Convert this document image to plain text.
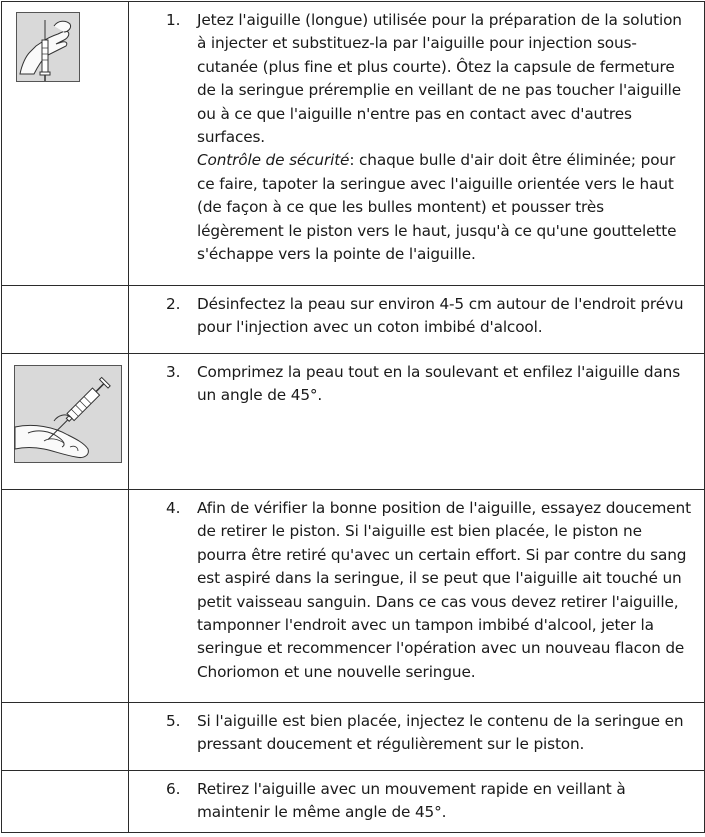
1. Jetez l'aiguille (longue) utilisée pour la préparation de la solution à injecter et substituez-la par l'aiguille pour injection sous-cutanée (plus fine et plus courte). Ôtez la capsule de fermeture de la seringue préremplie en veillant de ne pas toucher l'aiguille ou à ce que l'aiguille n'entre pas en contact avec d'autres surfaces.
Contrôle de sécurité: chaque bulle d'air doit être éliminée; pour ce faire, tapoter la seringue avec l'aiguille orientée vers le haut (de façon à ce que les bulles montent) et pousser très légèrement le piston vers le haut, jusqu'à ce qu'une gouttelette s'échappe vers la pointe de l'aiguille.

	2. Désinfectez la peau sur environ 4-5 cm autour de l'endroit prévu pour l'injection avec un coton imbibé d'alcool.

3. Comprimez la peau tout en la soulevant et enfilez l'aiguille dans un angle de 45°.

	4. Afin de vérifier la bonne position de l'aiguille, essayez doucement de retirer le piston. Si l'aiguille est bien placée, le piston ne pourra être retiré qu'avec un certain effort. Si par contre du sang est aspiré dans la seringue, il se peut que l'aiguille ait touché un petit vaisseau sanguin. Dans ce cas vous devez retirer l'aiguille, tamponner l'endroit avec un tampon imbibé d'alcool, jeter la seringue et recommencer l'opération avec un nouveau flacon de Choriomon et une nouvelle seringue.

	5. Si l'aiguille est bien placée, injectez le contenu de la seringue en pressant doucement et régulièrement sur le piston.

	6. Retirez l'aiguille avec un mouvement rapide en veillant à maintenir le même angle de 45°.
